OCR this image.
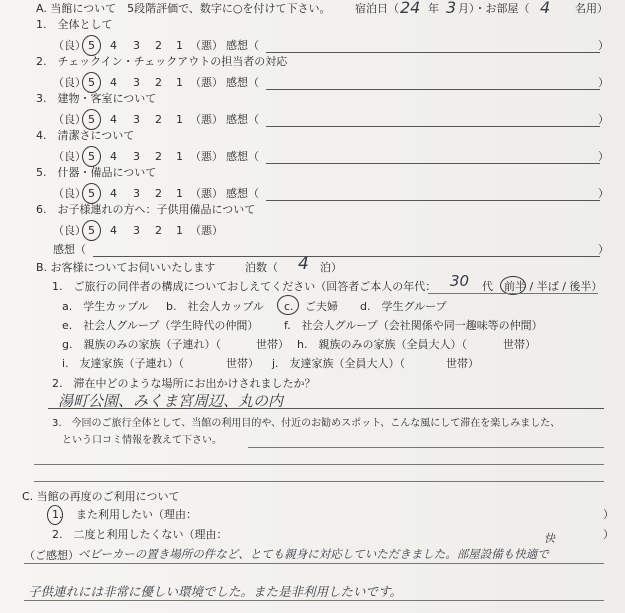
A. 当館について　5段階評価で、数字に○を付けて下さい。 宿泊日（ 24 年 3 月）・お部屋（ 4 名用）
1.　全体として
（良） 5 4 3 2 1 （悪） 感想（	）
2.　チェックイン・チェックアウトの担当者の対応
（良） 5 4 3 2 1 （悪） 感想（	）
3.　建物・客室について
（良） 5 4 3 2 1 （悪） 感想（	）
4.　清潔さについて
（良） 5 4 3 2 1 （悪） 感想（	）
5.　什器・備品について
（良） 5 4 3 2 1 （悪） 感想（	）
6.　お子様連れの方へ：子供用備品について
（良） 5 4 3 2 1 （悪）
感想（	）
B. お客様についてお伺いいたします	泊数（ 4 泊）
1.　ご旅行の同伴者の構成についておしえてください（回答者ご本人の年代： 30 代 前半 / 半ば / 後半）
a.　学生カップル b.　社会人カップル c. ご夫婦 d.　学生グループ
e.　社会人グループ（学生時代の仲間） f.　社会人グループ（会社関係や同一趣味等の仲間）
g.　親族のみの家族（子連れ）（	世帯） h.　親族のみの家族（全員大人）（	世帯）
i.　友達家族（子連れ）（	世帯） j.　友達家族（全員大人）（	世帯）
2.　滞在中どのような場所にお出かけされましたか？
湯町公園、みくま宮周辺、丸の内
3.　今回のご旅行全体として、当館の利用目的や、付近のお勧めスポット、こんな風にして滞在を楽しみました、
という口コミ情報を教えて下さい。
C. 当館の再度のご利用について
1. また利用したい（理由：	）
2.　二度と利用したくない（理由：	）
快
（ご感想） ベビーカーの置き場所の件など、とても親身に対応していただきました。部屋設備も快適で
子供連れには非常に優しい環境でした。また是非利用したいです。
